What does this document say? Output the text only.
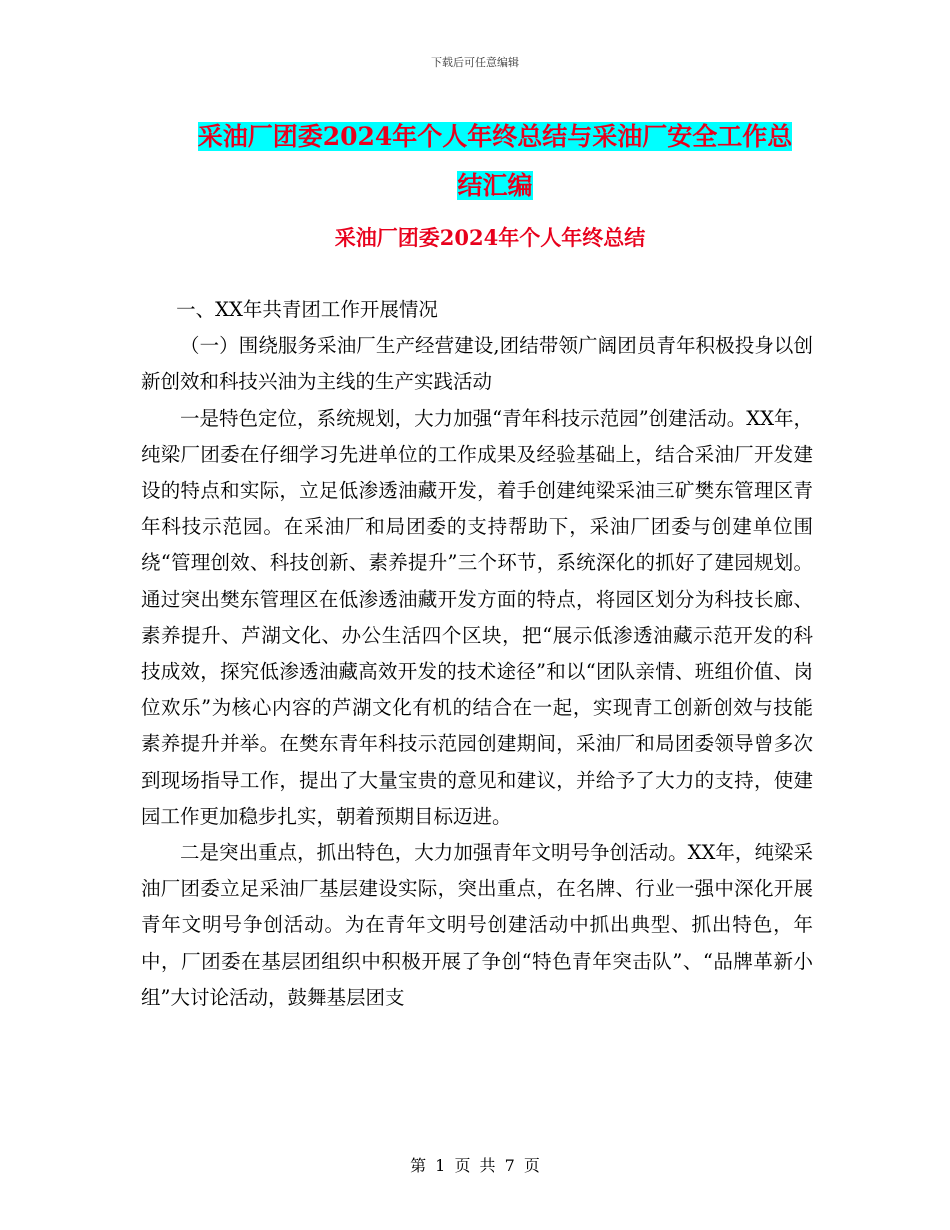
下载后可任意编辑
采油厂团委2024年个人年终总结与采油厂安全工作总
结汇编
采油厂团委2024年个人年终总结

一、XX年共青团工作开展情况

（一）围绕服务采油厂生产经营建设,团结带领广阔团员青年积极投身以创新创效和科技兴油为主线的生产实践活动

一是特色定位，系统规划，大力加强“青年科技示范园”创建活动。XX年，纯梁厂团委在仔细学习先进单位的工作成果及经验基础上，结合采油厂开发建设的特点和实际，立足低渗透油藏开发，着手创建纯梁采油三矿樊东管理区青年科技示范园。在采油厂和局团委的支持帮助下，采油厂团委与创建单位围绕“管理创效、科技创新、素养提升”三个环节，系统深化的抓好了建园规划。通过突出樊东管理区在低渗透油藏开发方面的特点，将园区划分为科技长廊、素养提升、芦湖文化、办公生活四个区块，把“展示低渗透油藏示范开发的科技成效，探究低渗透油藏高效开发的技术途径”和以“团队亲情、班组价值、岗位欢乐”为核心内容的芦湖文化有机的结合在一起，实现青工创新创效与技能素养提升并举。在樊东青年科技示范园创建期间，采油厂和局团委领导曾多次到现场指导工作，提出了大量宝贵的意见和建议，并给予了大力的支持，使建园工作更加稳步扎实，朝着预期目标迈进。

二是突出重点，抓出特色，大力加强青年文明号争创活动。XX年，纯梁采油厂团委立足采油厂基层建设实际，突出重点，在名牌、行业一强中深化开展青年文明号争创活动。为在青年文明号创建活动中抓出典型、抓出特色，年中，厂团委在基层团组织中积极开展了争创“特色青年突击队”、“品牌革新小组”大讨论活动，鼓舞基层团支

第 1 页 共 7 页
